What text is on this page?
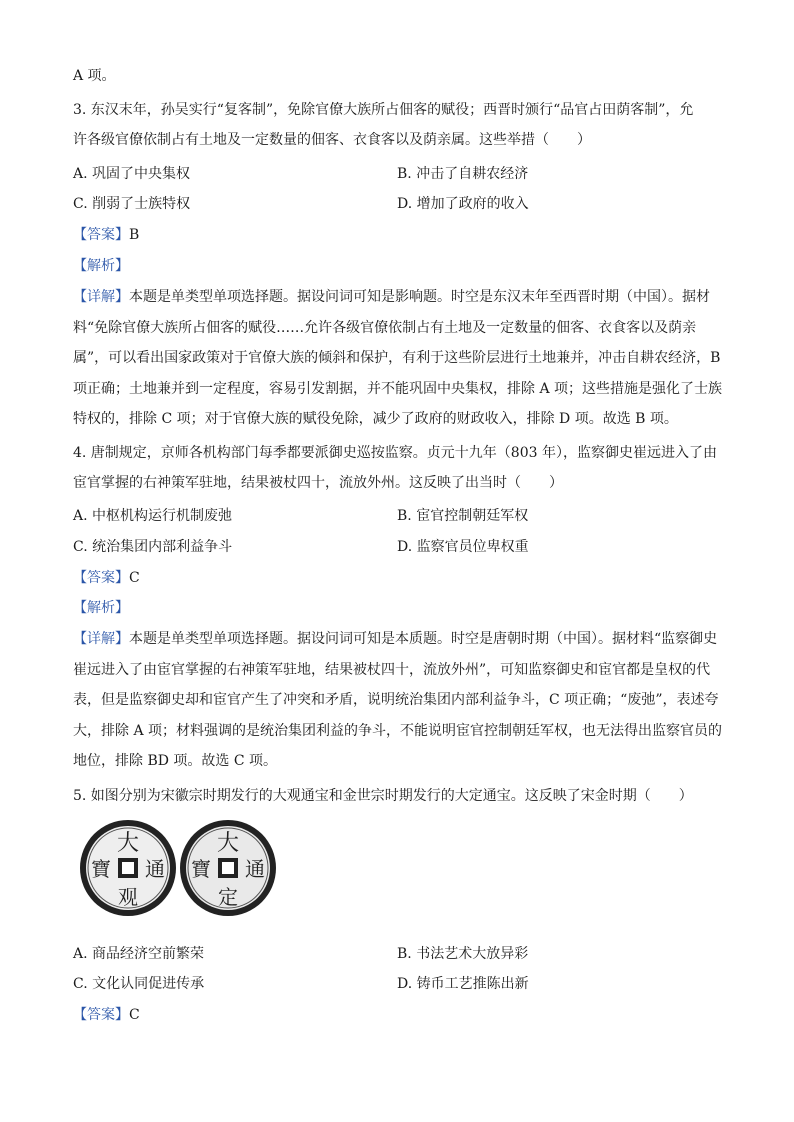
A 项。
3. 东汉末年，孙吴实行“复客制”，免除官僚大族所占佃客的赋役；西晋时颁行“品官占田荫客制”，允
许各级官僚依制占有土地及一定数量的佃客、衣食客以及荫亲属。这些举措（　　）
A. 巩固了中央集权	B. 冲击了自耕农经济
C. 削弱了士族特权	D. 增加了政府的收入
【答案】B
【解析】
【详解】本题是单类型单项选择题。据设问词可知是影响题。时空是东汉末年至西晋时期（中国）。据材
料“免除官僚大族所占佃客的赋役……允许各级官僚依制占有土地及一定数量的佃客、衣食客以及荫亲
属”，可以看出国家政策对于官僚大族的倾斜和保护，有利于这些阶层进行土地兼并，冲击自耕农经济，B
项正确；土地兼并到一定程度，容易引发割据，并不能巩固中央集权，排除 A 项；这些措施是强化了士族
特权的，排除 C 项；对于官僚大族的赋役免除，减少了政府的财政收入，排除 D 项。故选 B 项。
4. 唐制规定，京师各机构部门每季都要派御史巡按监察。贞元十九年（803 年），监察御史崔远进入了由
宦官掌握的右神策军驻地，结果被杖四十，流放外州。这反映了出当时（　　）
A. 中枢机构运行机制废弛	B. 宦官控制朝廷军权
C. 统治集团内部利益争斗	D. 监察官员位卑权重
【答案】C
【解析】
【详解】本题是单类型单项选择题。据设问词可知是本质题。时空是唐朝时期（中国）。据材料“监察御史
崔远进入了由宦官掌握的右神策军驻地，结果被杖四十，流放外州”，可知监察御史和宦官都是皇权的代
表，但是监察御史却和宦官产生了冲突和矛盾，说明统治集团内部利益争斗，C 项正确；“废弛”，表述夸
大，排除 A 项；材料强调的是统治集团利益的争斗，不能说明宦官控制朝廷军权，也无法得出监察官员的
地位，排除 BD 项。故选 C 项。
5. 如图分别为宋徽宗时期发行的大观通宝和金世宗时期发行的大定通宝。这反映了宋金时期（　　）
大
通
观
寶
大
通
定
寶
A. 商品经济空前繁荣	B. 书法艺术大放异彩
C. 文化认同促进传承	D. 铸币工艺推陈出新
【答案】C
